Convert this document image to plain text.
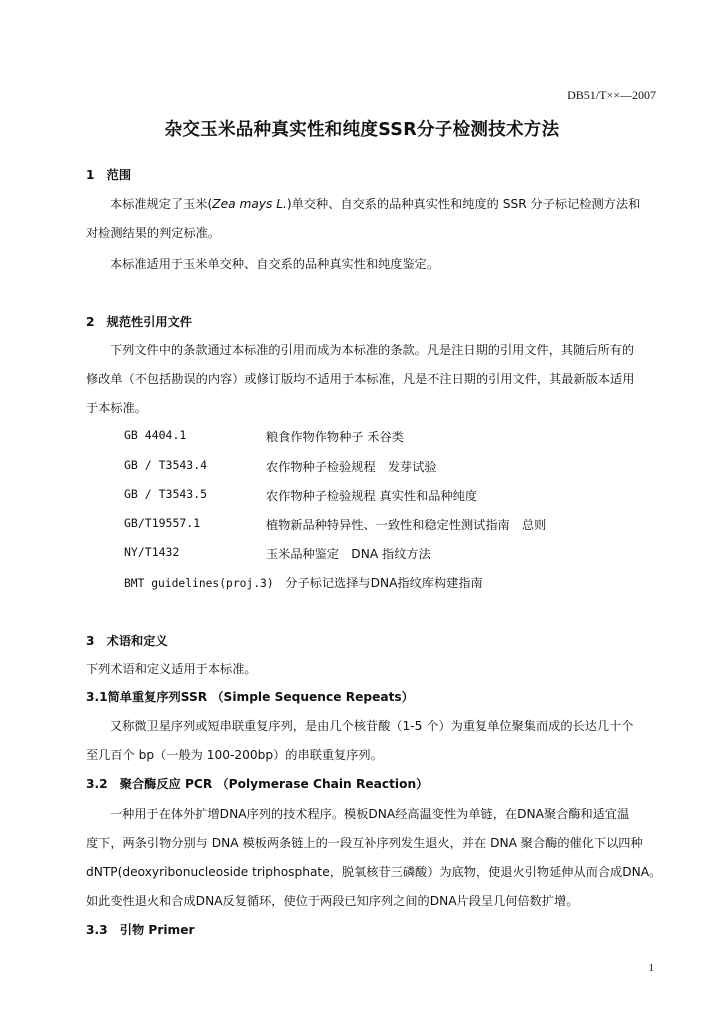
DB51/T××—2007
杂交玉米品种真实性和纯度SSR分子检测技术方法
1　范围
本标准规定了玉米(Zea mays L.)单交种、自交系的品种真实性和纯度的 SSR 分子标记检测方法和
对检测结果的判定标准。
本标准适用于玉米单交种、自交系的品种真实性和纯度鉴定。
2　规范性引用文件
下列文件中的条款通过本标准的引用而成为本标准的条款。凡是注日期的引用文件，其随后所有的
修改单（不包括勘误的内容）或修订版均不适用于本标准，凡是不注日期的引用文件，其最新版本适用
于本标准。
GB 4404.1	粮食作物作物种子 禾谷类
GB / T3543.4	农作物种子检验规程　发芽试验
GB / T3543.5	农作物种子检验规程 真实性和品种纯度
GB/T19557.1	植物新品种特异性、一致性和稳定性测试指南　总则
NY/T1432	玉米品种鉴定　DNA 指纹方法
BMT guidelines(proj.3) 分子标记选择与DNA指纹库构建指南
3　术语和定义
下列术语和定义适用于本标准。
3.1简单重复序列SSR （Simple Sequence Repeats）
又称微卫星序列或短串联重复序列，是由几个核苷酸（1-5 个）为重复单位聚集而成的长达几十个
至几百个 bp（一般为 100-200bp）的串联重复序列。
3.2　聚合酶反应 PCR （Polymerase Chain Reaction）
一种用于在体外扩增DNA序列的技术程序。模板DNA经高温变性为单链，在DNA聚合酶和适宜温
度下，两条引物分别与 DNA 模板两条链上的一段互补序列发生退火，并在 DNA 聚合酶的催化下以四种
dNTP(deoxyribonucleoside triphosphate，脱氧核苷三磷酸）为底物，使退火引物延伸从而合成DNA。
如此变性退火和合成DNA反复循环，使位于两段已知序列之间的DNA片段呈几何倍数扩增。
3.3　引物 Primer
1
